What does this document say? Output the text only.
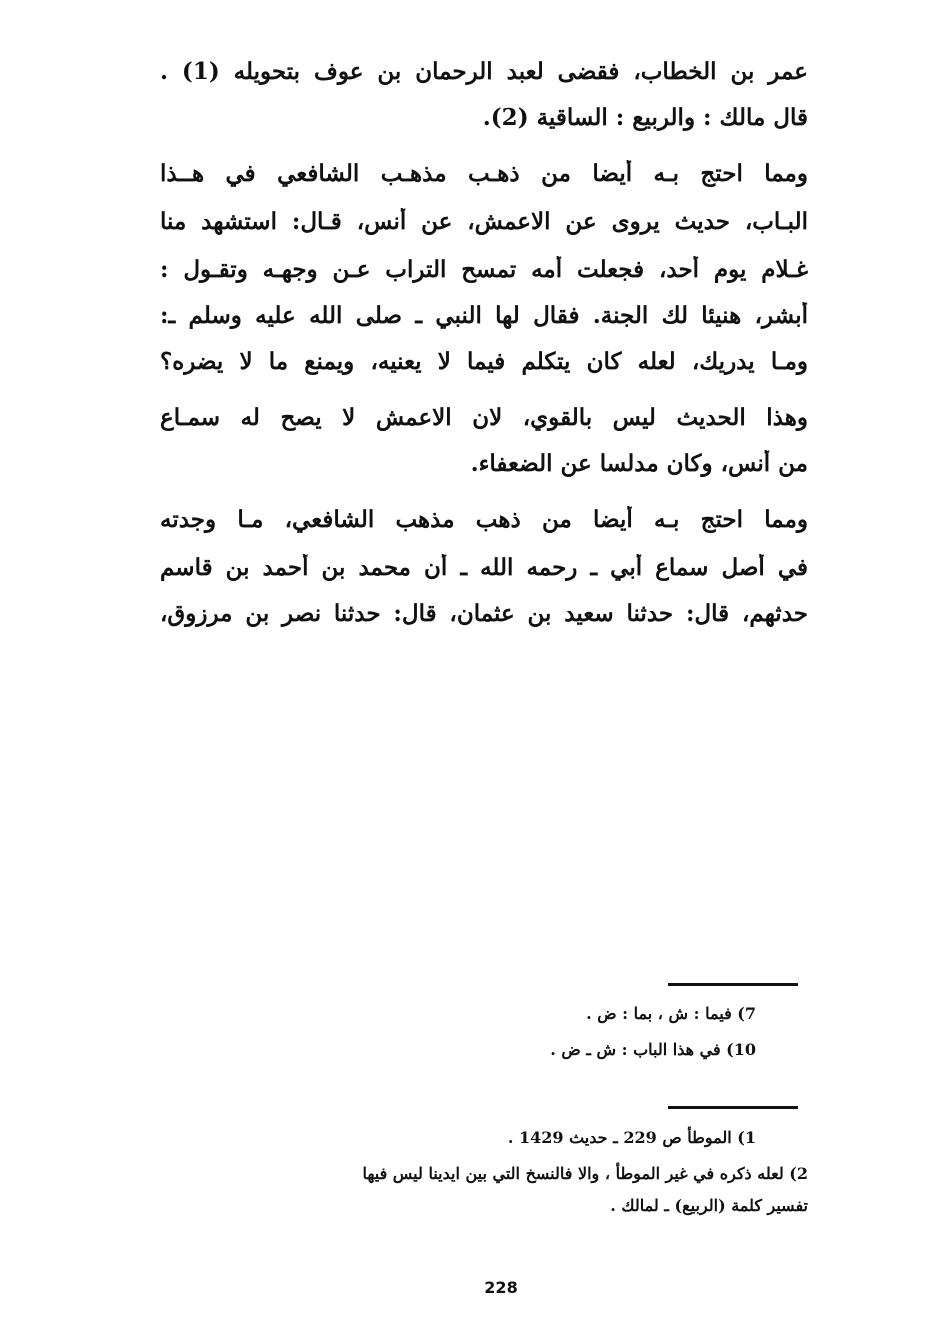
عمر بن الخطاب، فقضى لعبد الرحمان بن عوف بتحويله (1) .
قال مالك : والربيع : الساقية (2).
ومما احتج بـه أيضا من ذهـب مذهـب الشافعي في هــذا
البـاب، حديث يروى عن الاعمش، عن أنس، قـال: استشهد منا
غـلام يوم أحد، فجعلت أمه تمسح التراب عـن وجهـه وتقـول :
أبشر، هنيئا لك الجنة. فقال لها النبي ـ صلى الله عليه وسلم ـ:
ومـا يدريك، لعله كان يتكلم فيما لا يعنيه، ويمنع ما لا يضره؟
وهذا الحديث ليس بالقوي، لان الاعمش لا يصح له سمـاع
من أنس، وكان مدلسا عن الضعفاء.
ومما احتج بـه أيضا من ذهب مذهب الشافعي، مـا وجدته
في أصل سماع أبي ـ رحمه الله ـ أن محمد بن أحمد بن قاسم
حدثهم، قال: حدثنا سعيد بن عثمان، قال: حدثنا نصر بن مرزوق،
7) فيما : ش ، بما : ض .
10) في هذا الباب : ش ـ ض .
1) الموطأ ص 229 ـ حديث 1429 .
2) لعله ذكره في غير الموطأ ، والا فالنسخ التي بين ايدينا ليس فيها
تفسير كلمة (الربيع) ـ لمالك .
228
